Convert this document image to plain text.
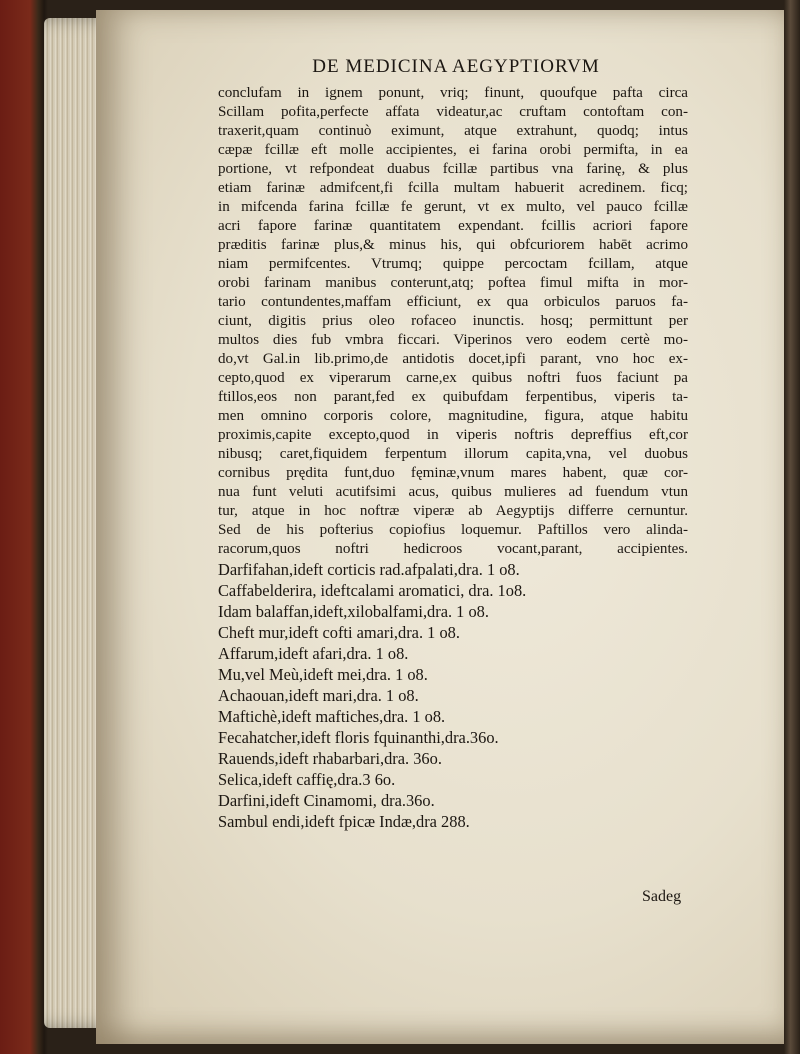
DE MEDICINA AEGYPTIORVM
conclufam in ignem ponunt, vriq; finunt, quoufque pafta circa
Scillam pofita,perfecte affata videatur,ac cruftam contoftam con-
traxerit,quam continuò eximunt, atque extrahunt, quodq; intus
cæpæ fcillæ eft molle accipientes, ei farina orobi permifta, in ea
portione, vt refpondeat duabus fcillæ partibus vna farinę, & plus
etiam farinæ admifcent,fi fcilla multam habuerit acredinem. ficq;
in mifcenda farina fcillæ fe gerunt, vt ex multo, vel pauco fcillæ
acri fapore farinæ quantitatem expendant. fcillis acriori fapore
præditis farinæ plus,& minus his, qui obfcuriorem habēt acrimo
niam permifcentes. Vtrumq; quippe percoctam fcillam, atque
orobi farinam manibus conterunt,atq; poftea fimul mifta in mor-
tario contundentes,maffam efficiunt, ex qua orbiculos paruos fa-
ciunt, digitis prius oleo rofaceo inunctis. hosq; permittunt per
multos dies fub vmbra ficcari. Viperinos vero eodem certè mo-
do,vt Gal.in lib.primo,de antidotis docet,ipfi parant, vno hoc ex-
cepto,quod ex viperarum carne,ex quibus noftri fuos faciunt pa
ftillos,eos non parant,fed ex quibufdam ferpentibus, viperis ta-
men omnino corporis colore, magnitudine, figura, atque habitu
proximis,capite excepto,quod in viperis noftris depreffius eft,cor
nibusq; caret,fiquidem ferpentum illorum capita,vna, vel duobus
cornibus prędita funt,duo fęminæ,vnum mares habent, quæ cor-
nua funt veluti acutifsimi acus, quibus mulieres ad fuendum vtun
tur, atque in hoc noftræ viperæ ab Aegyptijs differre cernuntur.
Sed de his pofterius copiofius loquemur. Paftillos vero alinda-
racorum,quos noftri hedicroos vocant,parant, accipientes.
Darfifahan,ideft corticis rad.afpalati,dra. 1 o8.
Caffabelderira, ideftcalami aromatici, dra. 1o8.
Idam balaffan,ideft,xilobalfami,dra. 1 o8.
Cheft mur,ideft cofti amari,dra. 1 o8.
Affarum,ideft afari,dra. 1 o8.
Mu,vel Meù,ideft mei,dra. 1 o8.
Achaouan,ideft mari,dra. 1 o8.
Maftichè,ideft maftiches,dra. 1 o8.
Fecahatcher,ideft floris fquinanthi,dra.36o.
Rauends,ideft rhabarbari,dra. 36o.
Selica,ideft caffię,dra.3 6o.
Darfini,ideft Cinamomi, dra.36o.
Sambul endi,ideft fpicæ Indæ,dra 288.
Sadeg
